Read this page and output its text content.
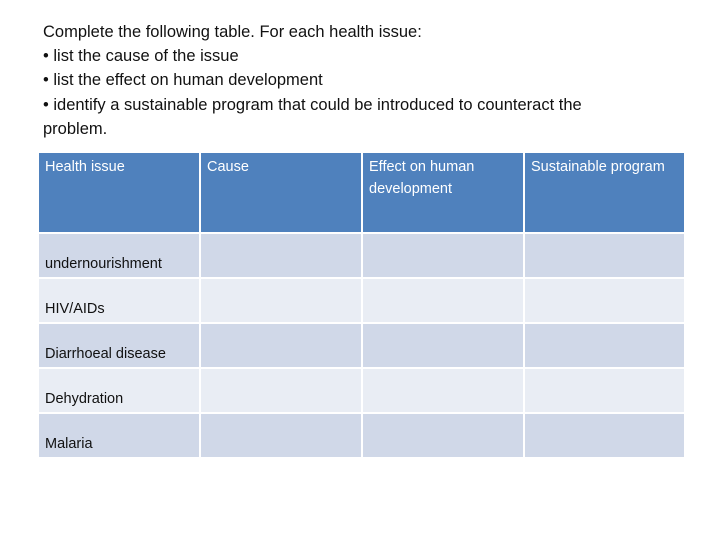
Complete the following table. For each health issue:
• list the cause of the issue
• list the effect on human development
• identify a sustainable program that could be introduced to counteract the
problem.
Health issue	Cause	Effect on human development	Sustainable program
undernourishment			
HIV/AIDs			
Diarrhoeal disease			
Dehydration			
Malaria			
